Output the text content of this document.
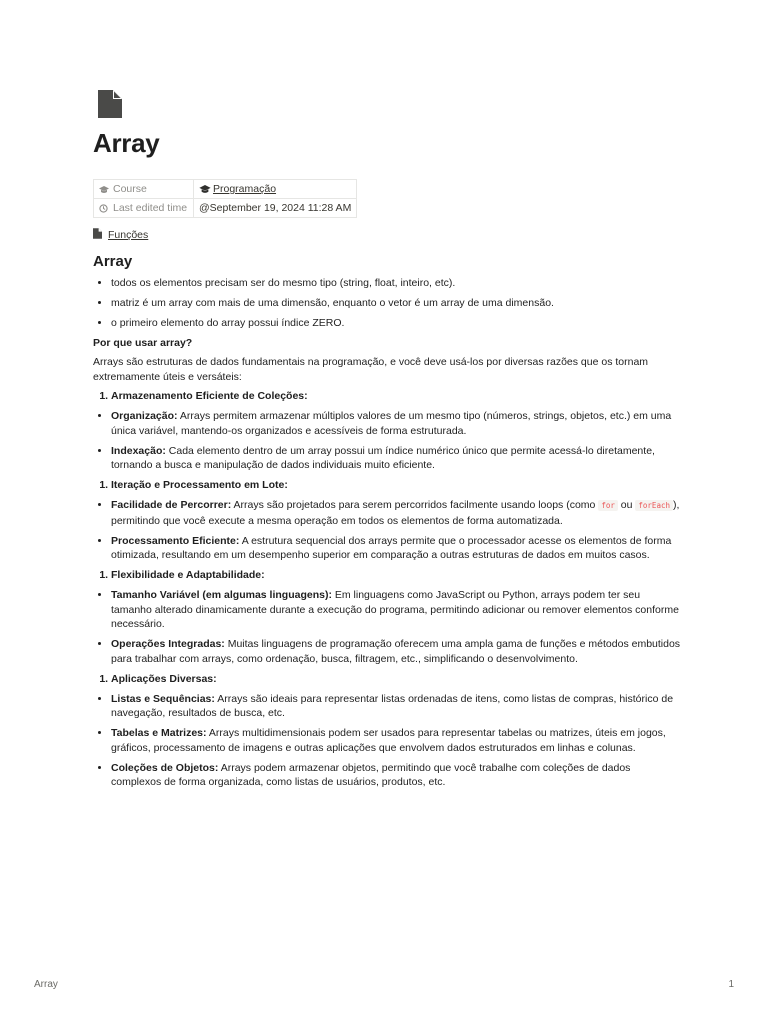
Array
Course	Programação
Last edited time	@September 19, 2024 11:28 AM
Funções
Array
• todos os elementos precisam ser do mesmo tipo (string, float, inteiro, etc).
• matriz é um array com mais de uma dimensão, enquanto o vetor é um array de uma dimensão.
• o primeiro elemento do array possui índice ZERO.

Por que usar array?

Arrays são estruturas de dados fundamentais na programação, e você deve usá-los por diversas razões que os tornam extremamente úteis e versáteis:

1. Armazenamento Eficiente de Coleções:
• Organização: Arrays permitem armazenar múltiplos valores de um mesmo tipo (números, strings, objetos, etc.) em uma única variável, mantendo-os organizados e acessíveis de forma estruturada.
• Indexação: Cada elemento dentro de um array possui um índice numérico único que permite acessá-lo diretamente, tornando a busca e manipulação de dados individuais muito eficiente.
1. Iteração e Processamento em Lote:
• Facilidade de Percorrer: Arrays são projetados para serem percorridos facilmente usando loops (como for ou forEach ), permitindo que você execute a mesma operação em todos os elementos de forma automatizada.
• Processamento Eficiente: A estrutura sequencial dos arrays permite que o processador acesse os elementos de forma otimizada, resultando em um desempenho superior em comparação a outras estruturas de dados em muitos casos.
1. Flexibilidade e Adaptabilidade:
• Tamanho Variável (em algumas linguagens): Em linguagens como JavaScript ou Python, arrays podem ter seu tamanho alterado dinamicamente durante a execução do programa, permitindo adicionar ou remover elementos conforme necessário.
• Operações Integradas: Muitas linguagens de programação oferecem uma ampla gama de funções e métodos embutidos para trabalhar com arrays, como ordenação, busca, filtragem, etc., simplificando o desenvolvimento.
1. Aplicações Diversas:
• Listas e Sequências: Arrays são ideais para representar listas ordenadas de itens, como listas de compras, histórico de navegação, resultados de busca, etc.
• Tabelas e Matrizes: Arrays multidimensionais podem ser usados para representar tabelas ou matrizes, úteis em jogos, gráficos, processamento de imagens e outras aplicações que envolvem dados estruturados em linhas e colunas.
• Coleções de Objetos: Arrays podem armazenar objetos, permitindo que você trabalhe com coleções de dados complexos de forma organizada, como listas de usuários, produtos, etc.
Array	1
